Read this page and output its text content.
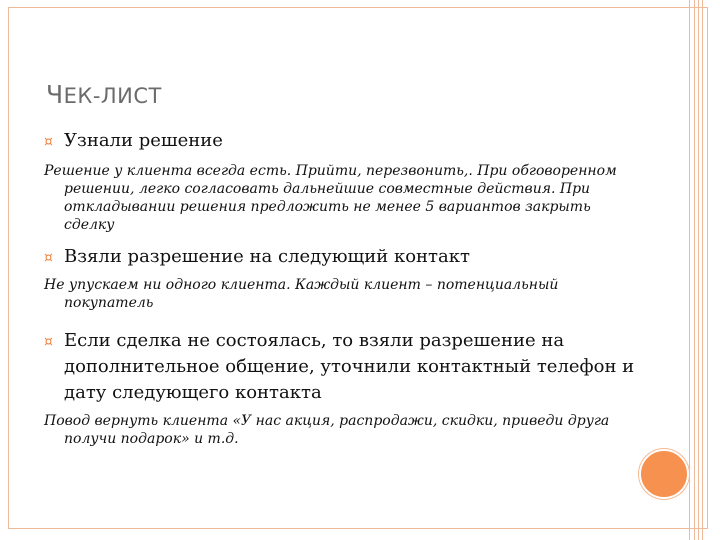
ЧЕК-ЛИСТ
¤ Узнали решение
Решение у клиента всегда есть. Прийти, перезвонить,. При обговоренном решении, легко согласовать дальнейшие совместные действия. При откладывании решения предложить не менее 5 вариантов закрыть сделку
¤ Взяли разрешение на следующий контакт
Не упускаем ни одного клиента. Каждый клиент – потенциальный покупатель
¤ Если сделка не состоялась, то взяли разрешение на дополнительное общение, уточнили контактный телефон и дату следующего контакта
Повод вернуть клиента «У нас акция, распродажи, скидки, приведи друга получи подарок» и т.д.
